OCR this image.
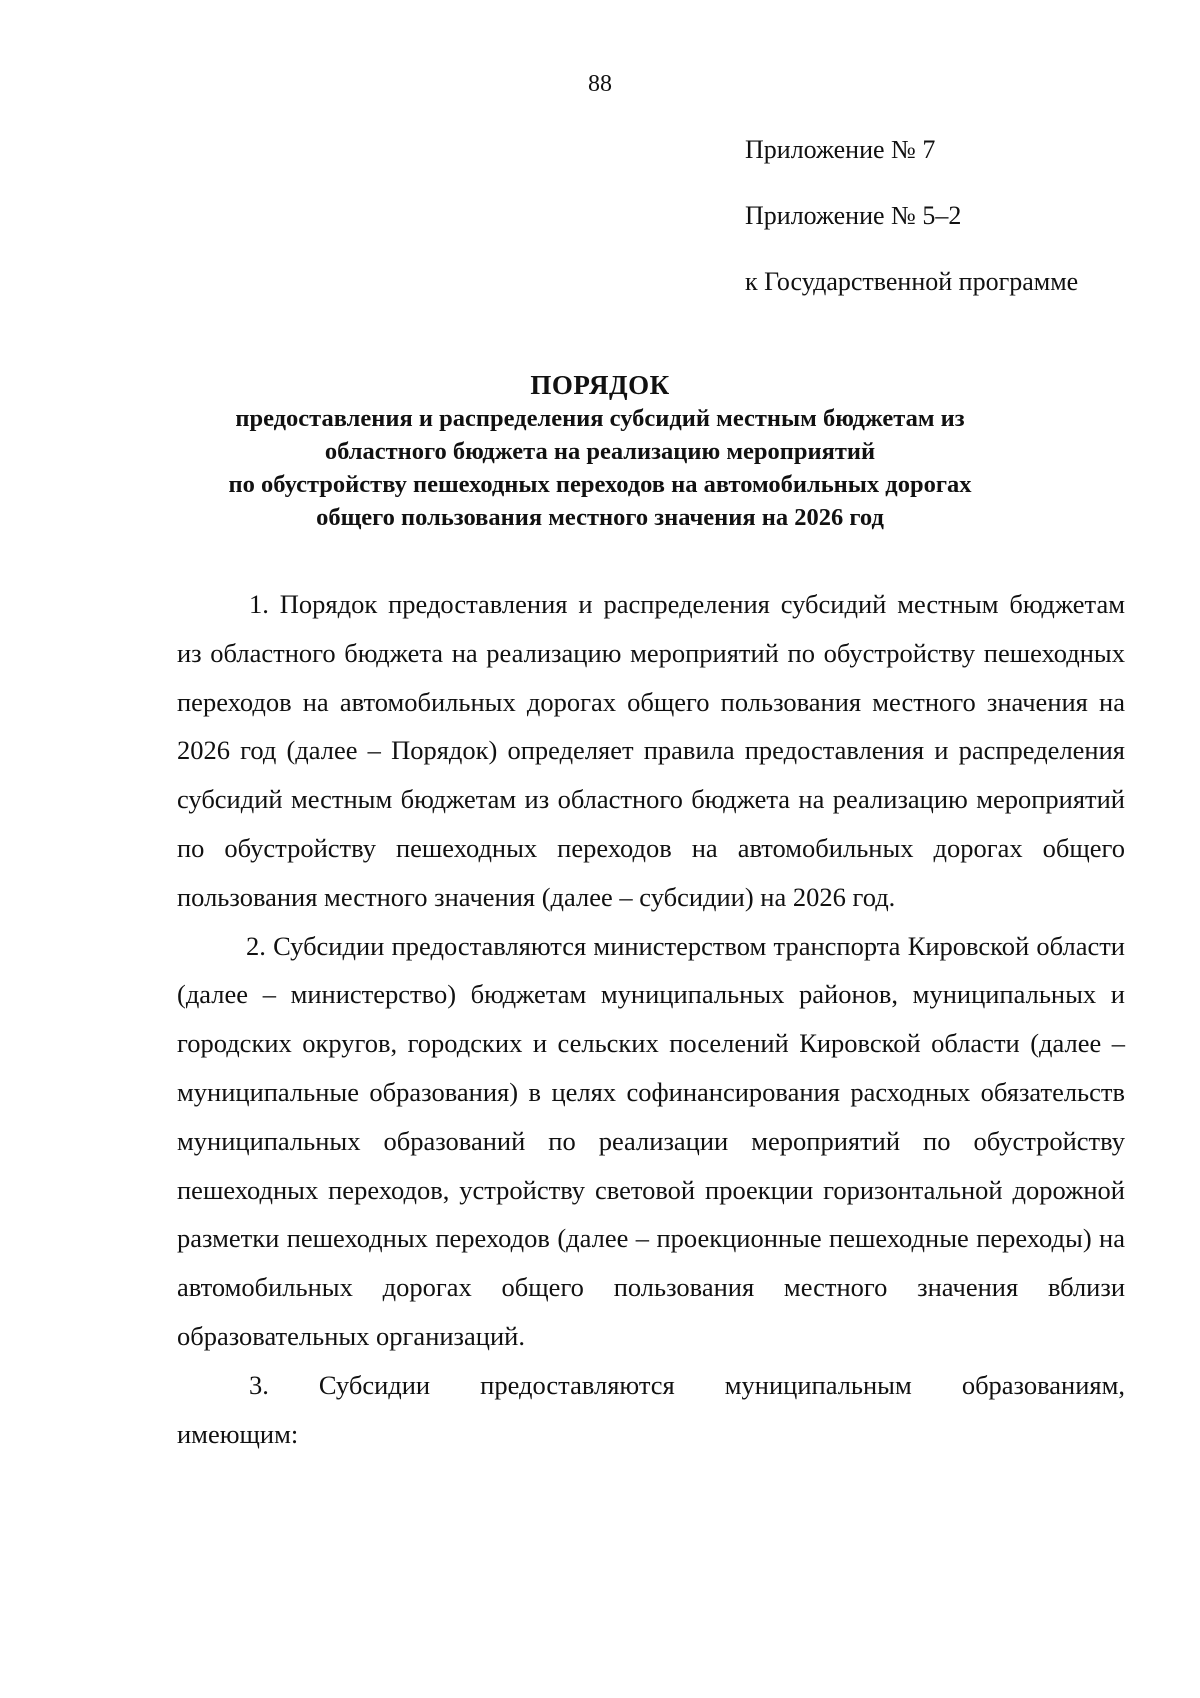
88
Приложение № 7
Приложение № 5–2
к Государственной программе
ПОРЯДОК
предоставления и распределения субсидий местным бюджетам из
областного бюджета на реализацию мероприятий
по обустройству пешеходных переходов на автомобильных дорогах
общего пользования местного значения на 2026 год

1. Порядок предоставления и распределения субсидий местным бюджетам из областного бюджета на реализацию мероприятий по обустройству пешеходных переходов на автомобильных дорогах общего пользования местного значения на 2026 год (далее – Порядок) определяет правила предоставления и распределения субсидий местным бюджетам из областного бюджета на реализацию мероприятий по обустройству пешеходных переходов на автомобильных дорогах общего пользования местного значения (далее – субсидии) на 2026 год.

2. Субсидии предоставляются министерством транспорта Кировской области (далее – министерство) бюджетам муниципальных районов, муниципальных и городских округов, городских и сельских поселений Кировской области (далее – муниципальные образования) в целях софинансирования расходных обязательств муниципальных образований по реализации мероприятий по обустройству пешеходных переходов, устройству световой проекции горизонтальной дорожной разметки пешеходных переходов (далее – проекционные пешеходные переходы) на автомобильных дорогах общего пользования местного значения вблизи образовательных организаций.

3. Субсидии предоставляются муниципальным образованиям,
имеющим:
